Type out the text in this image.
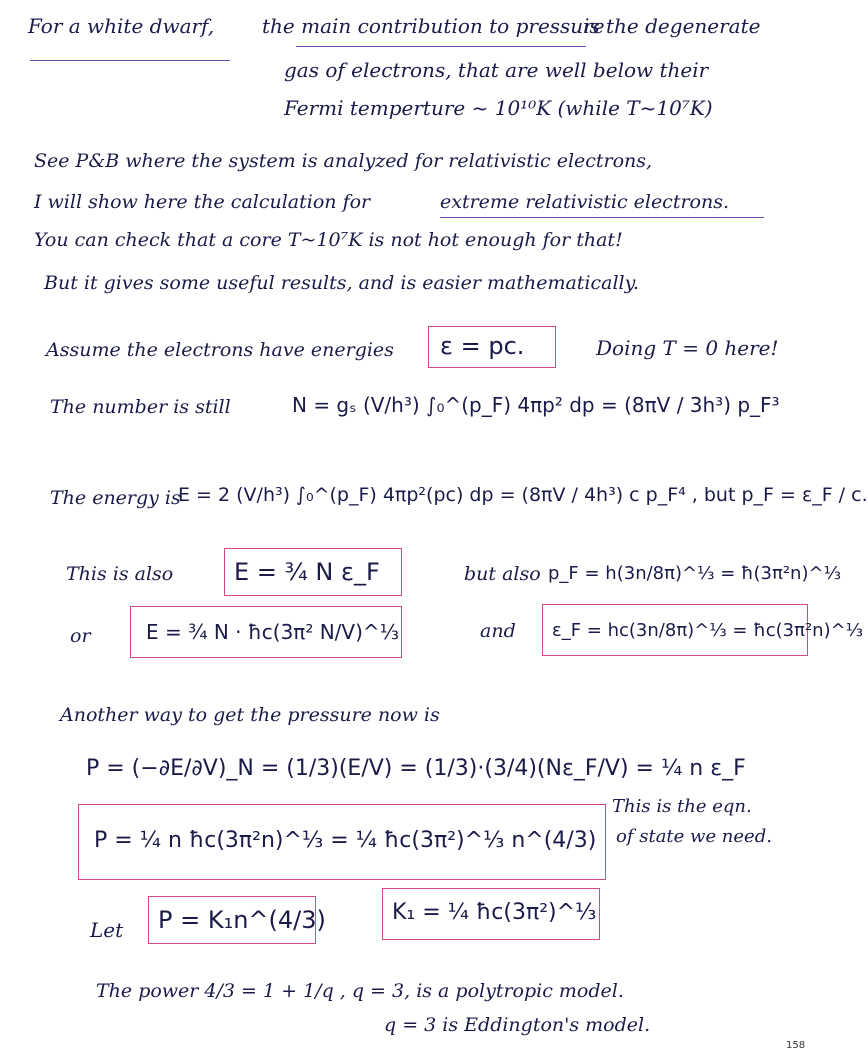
For a white dwarf, the main contribution to pressure
is the degenerate
gas of electrons, that are well below their
Fermi temperture ~ 10¹⁰K (while T~10⁷K)
See P&B where the system is analyzed for relativistic electrons,
I will show here the calculation for	extreme relativistic electrons.
You can check that a core T~10⁷K is not hot enough for that!
But it gives some useful results, and is easier mathematically.
Assume the electrons have energies ε = pc.	Doing T = 0 here!
The number is still	N = gₛ (V/h³) ∫₀^(p_F) 4πp² dp = (8πV / 3h³) p_F³
The energy is
E = 2 (V/h³) ∫₀^(p_F) 4πp²(pc) dp = (8πV / 4h³) c p_F⁴ , but p_F = ε_F / c.
This is also	E = ¾ N ε_F	but also p_F = h(3n/8π)^⅓ = ħ(3π²n)^⅓
or	E = ¾ N · ħc(3π² N/V)^⅓	and ε_F = hc(3n/8π)^⅓ = ħc(3π²n)^⅓
Another way to get the pressure now is
P = (−∂E/∂V)_N = (1/3)(E/V) = (1/3)·(3/4)(Nε_F/V) = ¼ n ε_F
P = ¼ n ħc(3π²n)^⅓ = ¼ ħc(3π²)^⅓ n^(4/3)
This is the eqn.
of state we need.
Let P = K₁n^(4/3)	K₁ = ¼ ħc(3π²)^⅓
The power 4/3 = 1 + 1/q , q = 3, is a polytropic model.
q = 3 is Eddington's model.
158
